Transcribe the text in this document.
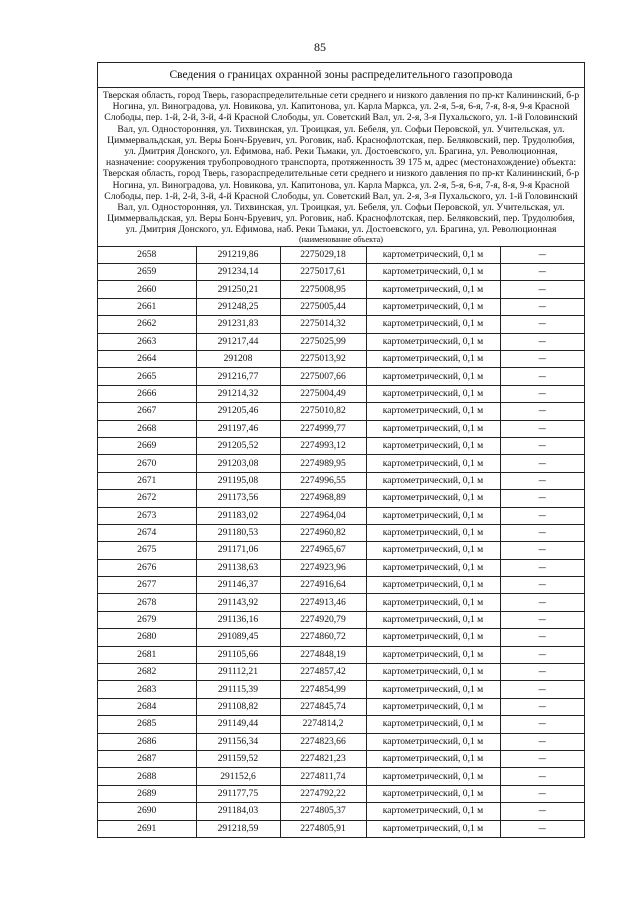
85
Сведения о границах охранной зоны распределительного газопровода
Тверская область, город Тверь, газораспределительные сети среднего и низкого давления по пр-кт Калининский, б-р Ногина, ул. Виноградова, ул. Новикова, ул. Капитонова, ул. Карла Маркса, ул. 2-я, 5-я, 6-я, 7-я, 8-я, 9-я Красной Слободы, пер. 1-й, 2-й, 3-й, 4-й Красной Слободы, ул. Советский Вал, ул. 2-я, 3-я Пухальского, ул. 1-й Головинский Вал, ул. Односторонняя, ул. Тихвинская, ул. Троицкая, ул. Бебеля, ул. Софьи Перовской, ул. Учительская, ул. Циммервальдская, ул. Веры Бонч-Бруевич, ул. Роговик, наб. Краснофлотская, пер. Беляковский, пер. Трудолюбия, ул. Дмитрия Донского, ул. Ефимова, наб. Реки Тьмаки, ул. Достоевского, ул. Брагина, ул. Революционная, назначение: сооружения трубопроводного транспорта, протяженность 39 175 м, адрес (местонахождение) объекта: Тверская область, город Тверь, газораспределительные сети среднего и низкого давления по пр-кт Калининский, б-р Ногина, ул. Виноградова, ул. Новикова, ул. Капитонова, ул. Карла Маркса, ул. 2-я, 5-я, 6-я, 7-я, 8-я, 9-я Красной Слободы, пер. 1-й, 2-й, 3-й, 4-й Красной Слободы, ул. Советский Вал, ул. 2-я, 3-я Пухальского, ул. 1-й Головинский Вал, ул. Односторонняя, ул. Тихвинская, ул. Троицкая, ул. Бебеля, ул. Софьи Перовской, ул. Учительская, ул. Циммервальдская, ул. Веры Бонч-Бруевич, ул. Роговик, наб. Краснофлотская, пер. Беляковский, пер. Трудолюбия, ул. Дмитрия Донского, ул. Ефимова, наб. Реки Тьмаки, ул. Достоевского, ул. Брагина, ул. Революционная
(наименование объекта)
2658	291219,86	2275029,18	картометрический, 0,1 м	—
2659	291234,14	2275017,61	картометрический, 0,1 м	—
2660	291250,21	2275008,95	картометрический, 0,1 м	—
2661	291248,25	2275005,44	картометрический, 0,1 м	—
2662	291231,83	2275014,32	картометрический, 0,1 м	—
2663	291217,44	2275025,99	картометрический, 0,1 м	—
2664	291208	2275013,92	картометрический, 0,1 м	—
2665	291216,77	2275007,66	картометрический, 0,1 м	—
2666	291214,32	2275004,49	картометрический, 0,1 м	—
2667	291205,46	2275010,82	картометрический, 0,1 м	—
2668	291197,46	2274999,77	картометрический, 0,1 м	—
2669	291205,52	2274993,12	картометрический, 0,1 м	—
2670	291203,08	2274989,95	картометрический, 0,1 м	—
2671	291195,08	2274996,55	картометрический, 0,1 м	—
2672	291173,56	2274968,89	картометрический, 0,1 м	—
2673	291183,02	2274964,04	картометрический, 0,1 м	—
2674	291180,53	2274960,82	картометрический, 0,1 м	—
2675	291171,06	2274965,67	картометрический, 0,1 м	—
2676	291138,63	2274923,96	картометрический, 0,1 м	—
2677	291146,37	2274916,64	картометрический, 0,1 м	—
2678	291143,92	2274913,46	картометрический, 0,1 м	—
2679	291136,16	2274920,79	картометрический, 0,1 м	—
2680	291089,45	2274860,72	картометрический, 0,1 м	—
2681	291105,66	2274848,19	картометрический, 0,1 м	—
2682	291112,21	2274857,42	картометрический, 0,1 м	—
2683	291115,39	2274854,99	картометрический, 0,1 м	—
2684	291108,82	2274845,74	картометрический, 0,1 м	—
2685	291149,44	2274814,2	картометрический, 0,1 м	—
2686	291156,34	2274823,66	картометрический, 0,1 м	—
2687	291159,52	2274821,23	картометрический, 0,1 м	—
2688	291152,6	2274811,74	картометрический, 0,1 м	—
2689	291177,75	2274792,22	картометрический, 0,1 м	—
2690	291184,03	2274805,37	картометрический, 0,1 м	—
2691	291218,59	2274805,91	картометрический, 0,1 м	—
